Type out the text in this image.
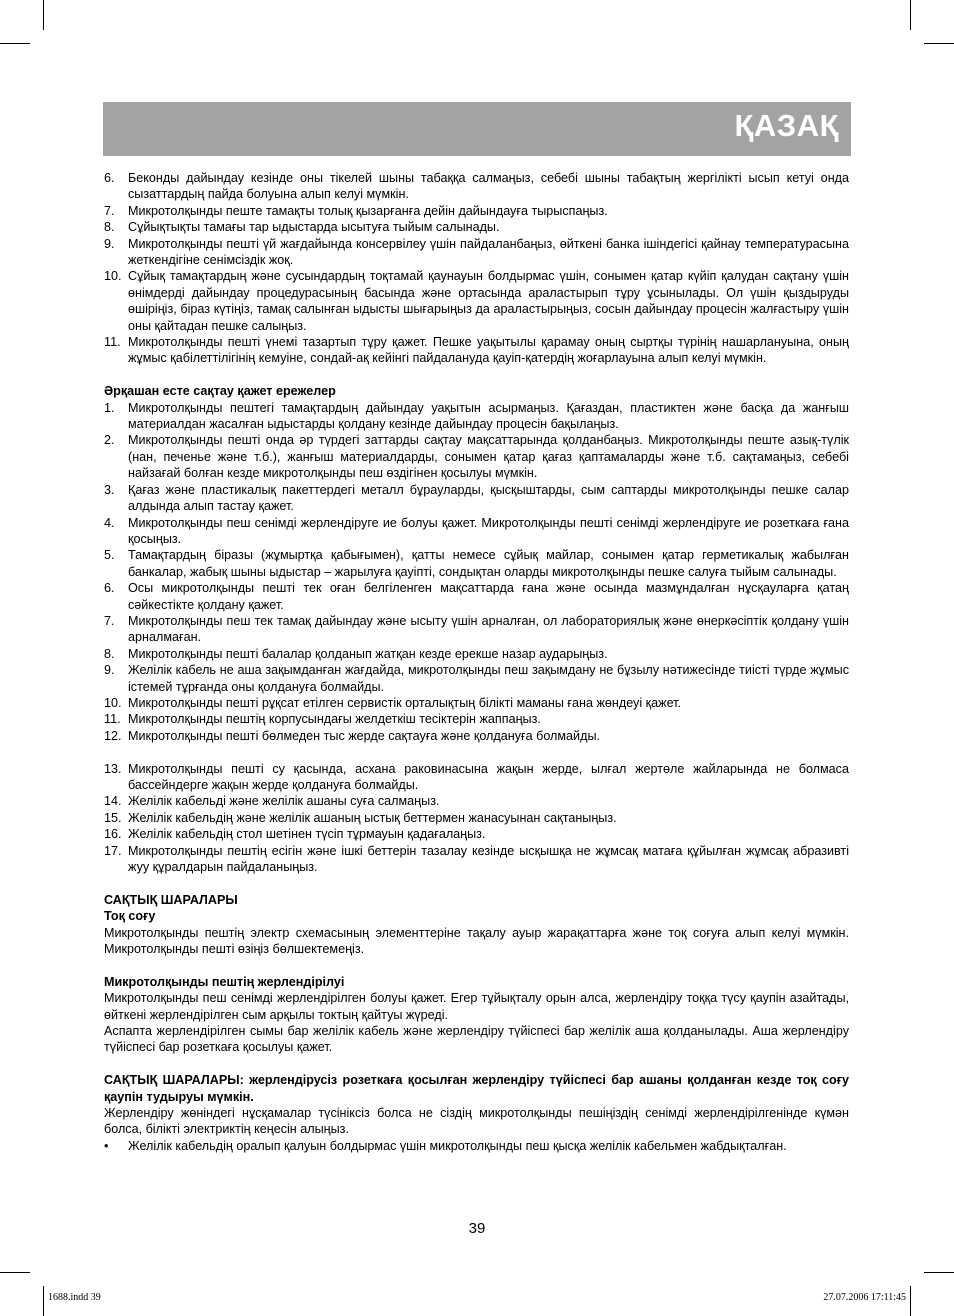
ҚАЗАҚ
6.	Беконды дайындау кезінде оны тікелей шыны табаққа салмаңыз, себебі шыны табақтың жергілікті ысып кетуі онда сызаттардың пайда болуына алып келуі мүмкін.
7.	Микротолқынды пеште тамақты толық қызарғанға дейін дайындауға тырыспаңыз.
8.	Сұйықтықты тамағы тар ыдыстарда ысытуға тыйым салынады.
9.	Микротолқынды пешті үй жағдайында консервілеу үшін пайдаланбаңыз, өйткені банка ішіндегісі қайнау температурасына жеткендігіне сенімсіздік жоқ.
10. Сұйық тамақтардың және сусындардың тоқтамай қаунауын болдырмас үшін, сонымен қатар күйіп қалудан сақтану үшін өнімдерді дайындау процедурасының басында және ортасында араластырып тұру ұсынылады. Ол үшін қыздыруды өшіріңіз, біраз күтіңіз, тамақ салынған ыдысты шығарыңыз да араластырыңыз, сосын дайындау процесін жалғастыру үшін оны қайтадан пешке салыңыз.
11. Микротолқынды пешті үнемі тазартып тұру қажет. Пешке уақытылы қарамау оның сыртқы түрінің нашарлануына, оның жұмыс қабілеттілігінің кемуіне, сондай-ақ кейінгі пайдалануда қауіп-қатердің жоғарлауына алып келуі мүмкін.
Әрқашан есте сақтау қажет ережелер
1.	Микротолқынды пештегі тамақтардың дайындау уақытын асырмаңыз. Қағаздан, пластиктен және басқа да жанғыш материалдан жасалған ыдыстарды қолдану кезінде дайындау процесін бақылаңыз.
2.	Микротолқынды пешті онда әр түрдегі заттарды сақтау мақсаттарында қолданбаңыз. Микротолқынды пеште азық-түлік (нан, печенье және т.б.), жанғыш материалдарды, сонымен қатар қағаз қаптамаларды және т.б. сақтамаңыз, себебі найзағай болған кезде микротолқынды пеш өздігінен қосылуы мүмкін.
3.	Қағаз және пластикалық пакеттердегі металл бұрауларды, қысқыштарды, сым саптарды микротолқынды пешке салар алдында алып тастау қажет.
4.	Микротолқынды пеш сенімді жерлендіруге ие болуы қажет. Микротолқынды пешті сенімді жерлендіруге ие розеткаға ғана қосыңыз.
5.	Тамақтардың біразы (жұмыртқа қабығымен), қатты немесе сұйық майлар, сонымен қатар герметикалық жабылған банкалар, жабық шыны ыдыстар – жарылуға қауіпті, сондықтан оларды микротолқынды пешке салуға тыйым салынады.
6.	Осы микротолқынды пешті тек оған белгіленген мақсаттарда ғана және осында мазмұндалған нұсқауларға қатаң сәйкестікте қолдану қажет.
7.	Микротолқынды пеш тек тамақ дайындау және ысыту үшін арналған, ол лабораториялық және өнеркәсіптік қолдану үшін арналмаған.
8.	Микротолқынды пешті балалар қолданып жатқан кезде ерекше назар аударыңыз.
9.	Желілік кабель не аша зақымданған жағдайда, микротолқынды пеш зақымдану не бұзылу нәтижесінде тиісті түрде жұмыс істемей тұрғанда оны қолдануға болмайды.
10. Микротолқынды пешті рұқсат етілген сервистік орталықтың білікті маманы ғана жөндеуі қажет.
11. Микротолқынды пештің корпусындағы желдеткіш тесіктерін жаппаңыз.
12. Микротолқынды пешті бөлмеден тыс жерде сақтауға және қолдануға болмайды.
13. Микротолқынды пешті су қасында, асхана раковинасына жақын жерде, ылғал жертөле жайларында не болмаса бассейндерге жақын жерде қолдануға болмайды.
14. Желілік кабельді және желілік ашаны суға салмаңыз.
15. Желілік кабельдің және желілік ашаның ыстық беттермен жанасуынан сақтаныңыз.
16. Желілік кабельдің стол шетінен түсіп тұрмауын қадағалаңыз.
17. Микротолқынды пештің есігін және ішкі беттерін тазалау кезінде ысқышқа не жұмсақ матаға құйылған жұмсақ абразивті жуу құралдарын пайдаланыңыз.
САҚТЫҚ ШАРАЛАРЫ
Тоқ соғу
Микротолқынды пештің электр схемасының элементтеріне тақалу ауыр жарақаттарға және тоқ соғуға алып келуі мүмкін. Микротолқынды пешті өзіңіз бөлшектемеңіз.
Микротолқынды пештің жерлендірілуі
Микротолқынды пеш сенімді жерлендірілген болуы қажет. Егер тұйықталу орын алса, жерлендіру тоққа түсу қаупін азайтады, өйткені жерлендірілген сым арқылы токтың қайтуы жүреді.
Аспапта жерлендірілген сымы бар желілік кабель және жерлендіру түйіспесі бар желілік аша қолданылады. Аша жерлендіру түйіспесі бар розеткаға қосылуы қажет.
САҚТЫҚ ШАРАЛАРЫ: жерлендірусіз розеткаға қосылған жерлендіру түйіспесі бар ашаны қолданған кезде тоқ соғу қаупін тудыруы мүмкін.
Жерлендіру жөніндегі нұсқамалар түсініксіз болса не сіздің микротолқынды пешіңіздің сенімді жерлендірілгенінде күмән болса, білікті электриктің кеңесін алыңыз.
•	Желілік кабельдің оралып қалуын болдырмас үшін микротолқынды пеш қысқа желілік кабельмен жабдықталған.
39
1688.indd 39	27.07.2006 17:11:45
